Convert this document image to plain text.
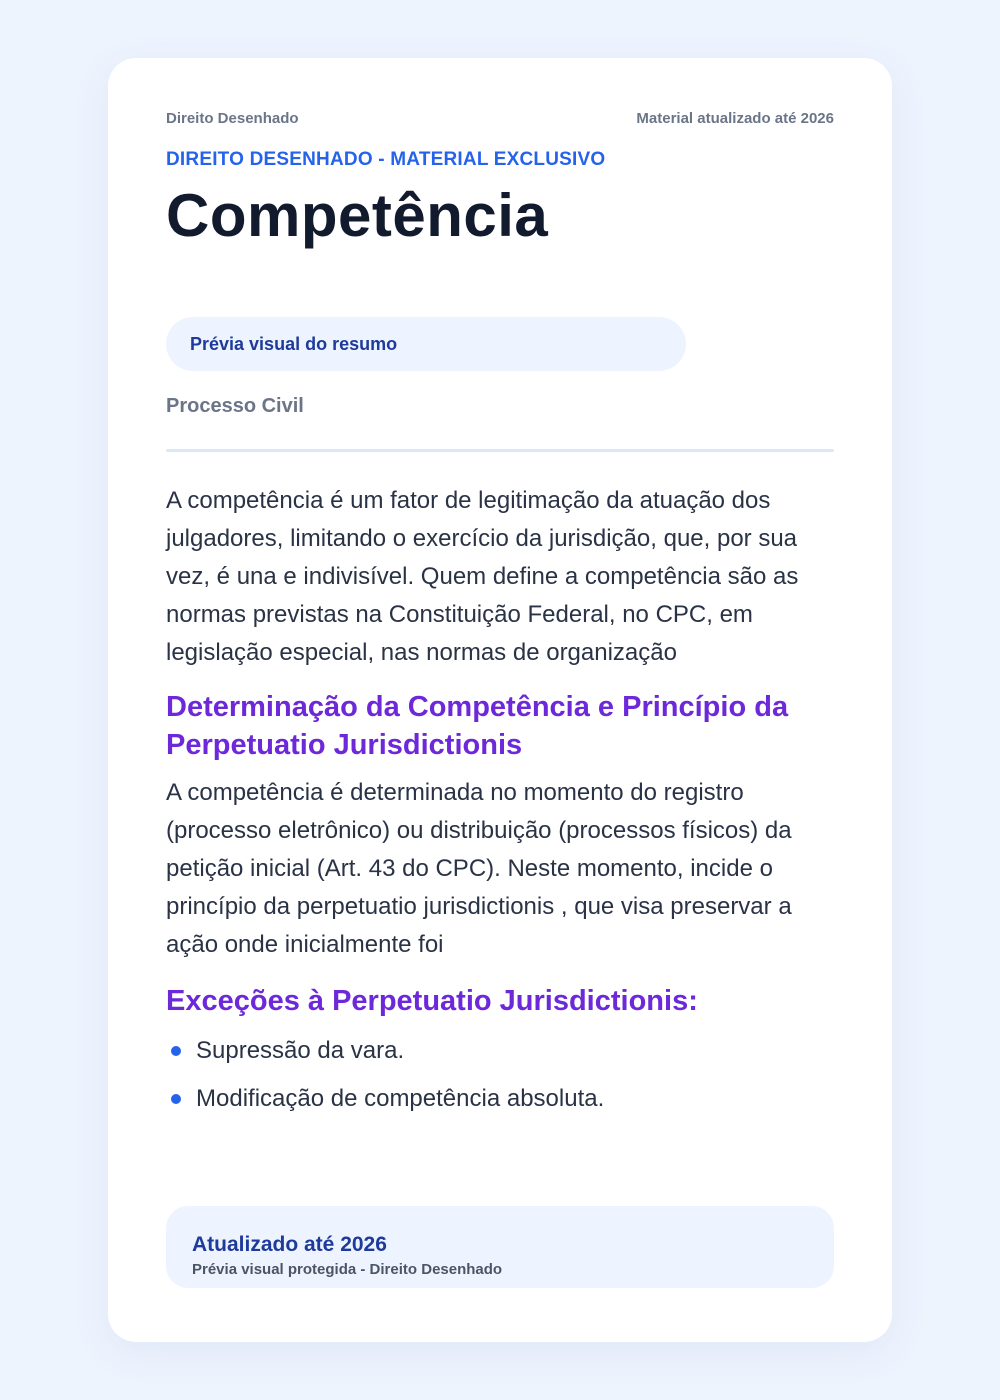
Direito Desenhado	Material atualizado até 2026
DIREITO DESENHADO - MATERIAL EXCLUSIVO
Competência
Prévia visual do resumo
Processo Civil

A competência é um fator de legitimação da atuação dos julgadores, limitando o exercício da jurisdição, que, por sua vez, é una e indivisível. Quem define a competência são as normas previstas na Constituição Federal, no CPC, em legislação especial, nas normas de organização

Determinação da Competência e Princípio da Perpetuatio Jurisdictionis

A competência é determinada no momento do registro (processo eletrônico) ou distribuição (processos físicos) da petição inicial (Art. 43 do CPC). Neste momento, incide o princípio da perpetuatio jurisdictionis , que visa preservar a ação onde inicialmente foi

Exceções à Perpetuatio Jurisdictionis:
Supressão da vara.
Modificação de competência absoluta.
Atualizado até 2026
Prévia visual protegida - Direito Desenhado
